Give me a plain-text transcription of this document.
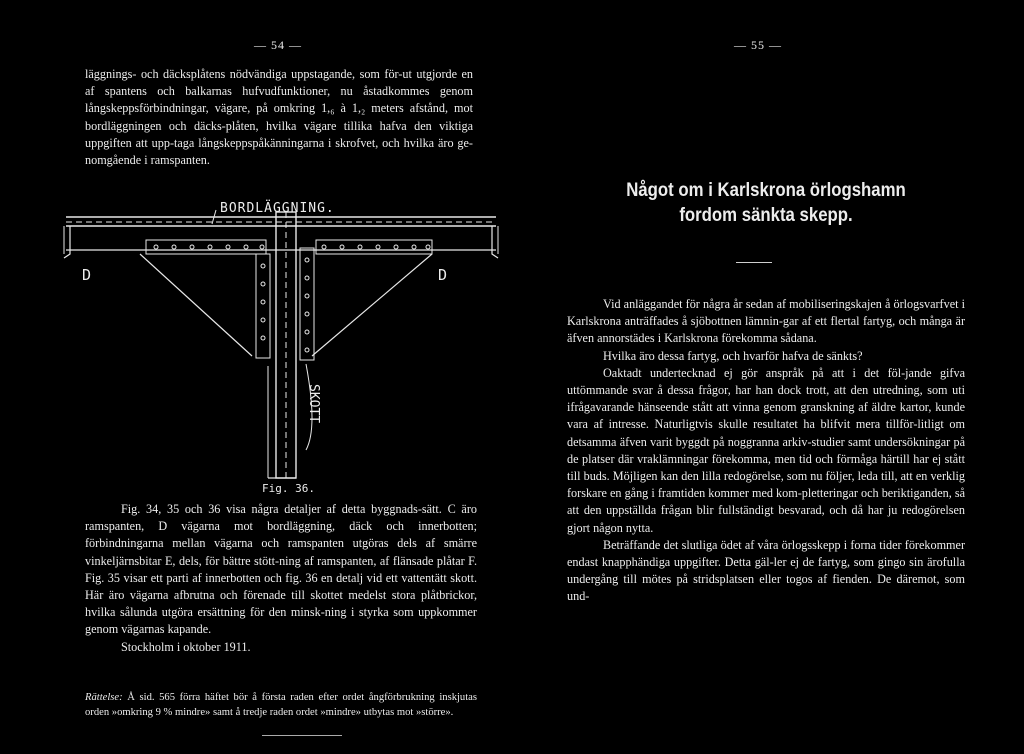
— 54 —

läggnings- och däcksplåtens nödvändiga uppstagande, som för-ut utgjorde en af spantens och balkarnas hufvudfunktioner, nu åstadkommes genom långskeppsförbindningar, vägare, på omkring 1,₆ à 1,₂ meters afstånd, mot bordläggningen och däcks-plåten, hvilka vägare tillika hafva den viktiga uppgiften att upp-taga långskeppspåkänningarna i skrofvet, och hvilka äro ge-nomgående i ramspanten.

BORDLÄGGNING.
SKOTT
D	D
Fig. 36.

Fig. 34, 35 och 36 visa några detaljer af detta byggnads-sätt. C äro ramspanten, D vägarna mot bordläggning, däck och innerbotten; förbindningarna mellan vägarna och ramspanten utgöras dels af smärre vinkeljärnsbitar E, dels, för bättre stött-ning af ramspanten, af flänsade plåtar F. Fig. 35 visar ett parti af innerbotten och fig. 36 en detalj vid ett vattentätt skott. Här äro vägarna afbrutna och förenade till skottet medelst stora plåtbrickor, hvilka sålunda utgöra ersättning för den minsk-ning i styrka som uppkommer genom vägarnas kapande.

Stockholm i oktober 1911.

Rättelse: Å sid. 565 förra häftet bör å första raden efter ordet ångförbrukning inskjutas orden »omkring 9 % mindre» samt å tredje raden ordet »mindre» utbytas mot »större».

— 55 —
Något om i Karlskrona örlogshamn fordom sänkta skepp.

Vid anläggandet för några år sedan af mobiliseringskajen å örlogsvarfvet i Karlskrona anträffades å sjöbottnen lämnin-gar af ett flertal fartyg, och många är äfven annorstädes i Karlskrona förekomma sådana.

Hvilka äro dessa fartyg, och hvarför hafva de sänkts?

Oaktadt undertecknad ej gör anspråk på att i det föl-jande gifva uttömmande svar å dessa frågor, har han dock trott, att den utredning, som uti ifrågavarande hänseende stått att vinna genom granskning af äldre kartor, kunde vara af intresse. Naturligtvis skulle resultatet ha blifvit mera tillför-litligt om detsamma äfven varit byggdt på noggranna arkiv-studier samt undersökningar på de platser där vraklämningar förekomma, men tid och förmåga härtill har ej stått till buds. Möjligen kan den lilla redogörelse, som nu följer, leda till, att en verklig forskare en gång i framtiden kommer med kom-pletteringar och beriktiganden, så att den uppställda frågan blir fullständigt besvarad, och då har ju redogörelsen gjort någon nytta.

Beträffande det slutliga ödet af våra örlogsskepp i forna tider förekommer endast knapphändiga uppgifter. Detta gäl-ler ej de fartyg, som gingo sin ärofulla undergång till mötes på stridsplatsen eller togos af fienden. De däremot, som und-
